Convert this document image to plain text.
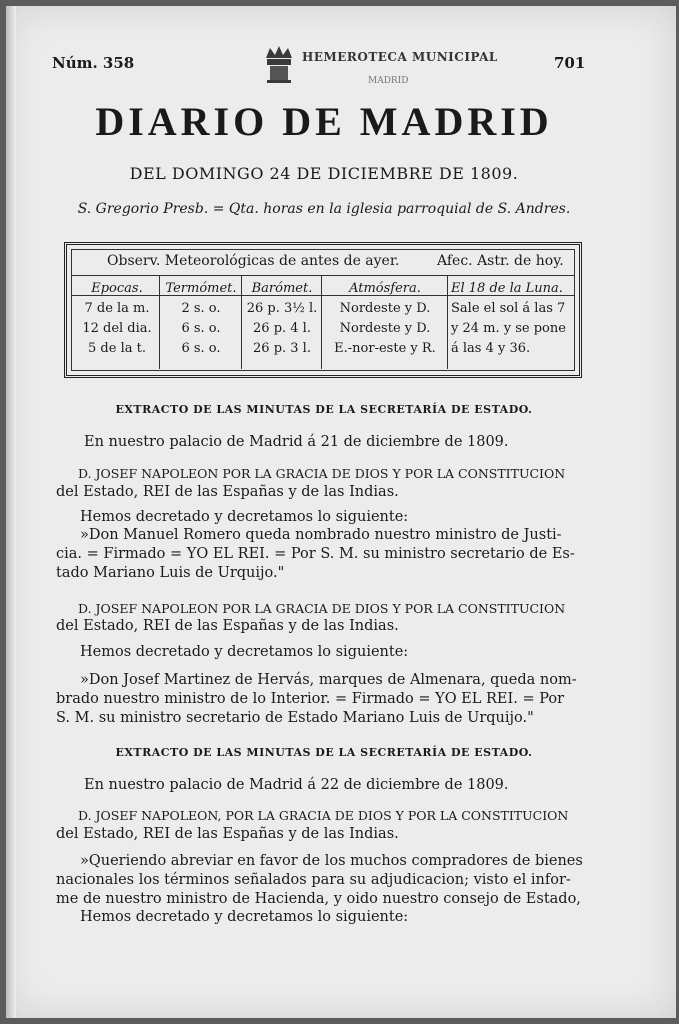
Núm. 358	701
HEMEROTECA MUNICIPAL
MADRID
DIARIO DE MADRID
DEL DOMINGO 24 DE DICIEMBRE DE 1809.
S. Gregorio Presb. = Qta. horas en la iglesia parroquial de S. Andres.
Observ. Meteorológicas de antes de ayer.	Afec. Astr. de hoy.
Epocas.
7 de la m.
12 del dia.
5 de la t.
Termómet.
2 s. o.
6 s. o.
6 s. o.
Barómet.
26 p. 3½ l.
26 p. 4 l.
26 p. 3 l.
Atmósfera.
Nordeste y D.
Nordeste y D.
E.-nor-este y R.
El 18 de la Luna.
Sale el sol á las 7
y 24 m. y se pone
á las 4 y 36.
EXTRACTO DE LAS MINUTAS DE LA SECRETARÍA DE ESTADO.
En nuestro palacio de Madrid á 21 de diciembre de 1809.
D. JOSEF NAPOLEON POR LA GRACIA DE DIOS Y POR LA CONSTITUCION
del Estado, REI de las Españas y de las Indias.
Hemos decretado y decretamos lo siguiente:
»Don Manuel Romero queda nombrado nuestro ministro de Justi-
cia. = Firmado = YO EL REI. = Por S. M. su ministro secretario de Es-
tado Mariano Luis de Urquijo."
D. JOSEF NAPOLEON POR LA GRACIA DE DIOS Y POR LA CONSTITUCION
del Estado, REI de las Españas y de las Indias.
Hemos decretado y decretamos lo siguiente:
»Don Josef Martinez de Hervás, marques de Almenara, queda nom-
brado nuestro ministro de lo Interior. = Firmado = YO EL REI. = Por
S. M. su ministro secretario de Estado Mariano Luis de Urquijo."
EXTRACTO DE LAS MINUTAS DE LA SECRETARÍA DE ESTADO.
En nuestro palacio de Madrid á 22 de diciembre de 1809.
D. JOSEF NAPOLEON, POR LA GRACIA DE DIOS Y POR LA CONSTITUCION
del Estado, REI de las Españas y de las Indias.
»Queriendo abreviar en favor de los muchos compradores de bienes
nacionales los términos señalados para su adjudicacion; visto el infor-
me de nuestro ministro de Hacienda, y oido nuestro consejo de Estado,
Hemos decretado y decretamos lo siguiente:
